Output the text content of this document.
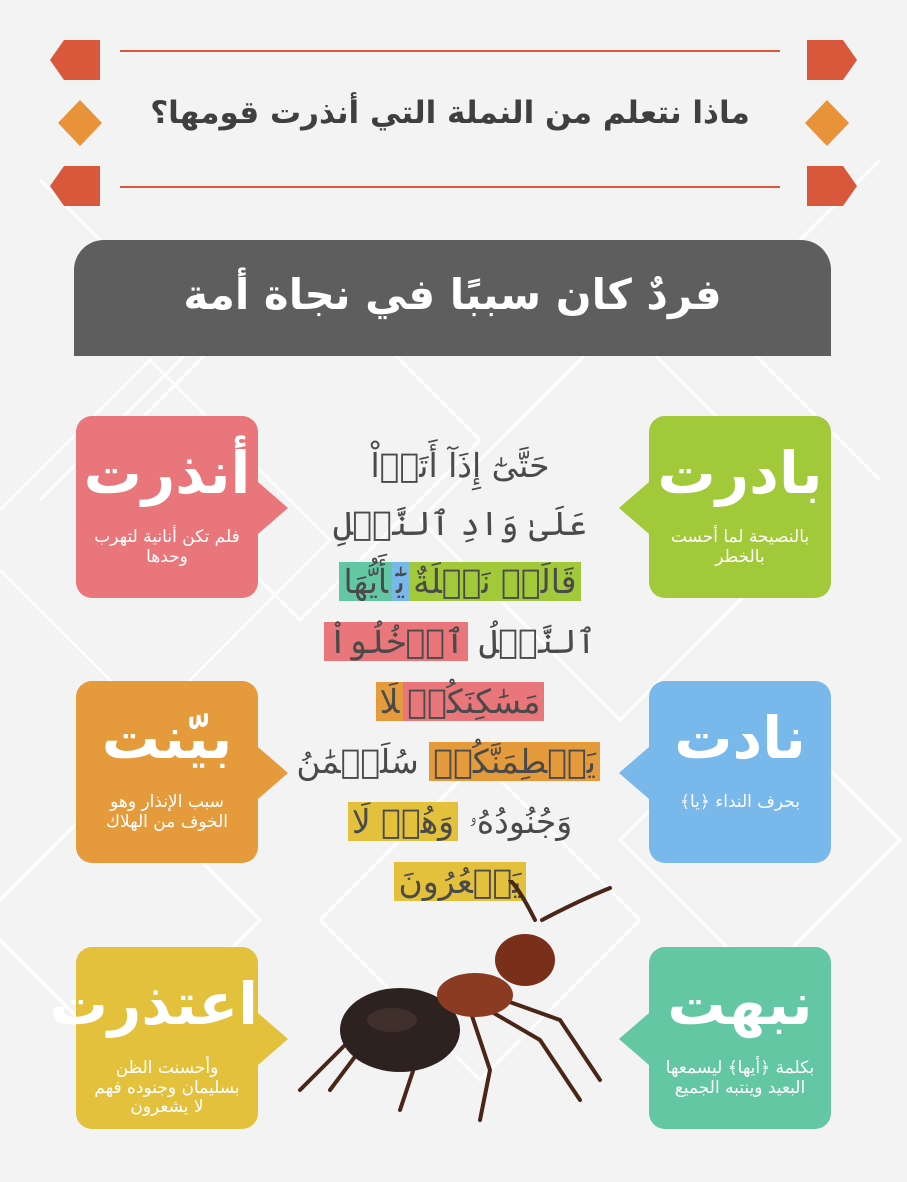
ماذا نتعلم من النملة التي أنذرت قومها؟
فردٌ كان سببًا في نجاة أمة
بادرت
بالنصيحة لما أحست بالخطر
نادت
بحرف النداء ﴿يا﴾
نبهت
بكلمة ﴿أيها﴾ ليسمعها البعيد وينتبه الجميع
أنذرت
فلم تكن أنانية لتهرب وحدها
بيّنت
سبب الإنذار وهو الخوف من الهلاك
اعتذرت
وأحسنت الظن بسليمان وجنوده فهم لا يشعرون
حَتَّىٰٓ إِذَآ أَتَوۡاْ
عَلَىٰ وَادِ ٱلنَّمۡلِ
قَالَتۡ نَمۡلَةٌيَٰٓأَيُّهَا
ٱلنَّمۡلُ ٱدۡخُلُواْ
مَسَٰكِنَكُمۡلَا
يَحۡطِمَنَّكُمۡ سُلَيۡمَٰنُ
وَجُنُودُهُۥ وَهُمۡ لَا
يَشۡعُرُونَ
